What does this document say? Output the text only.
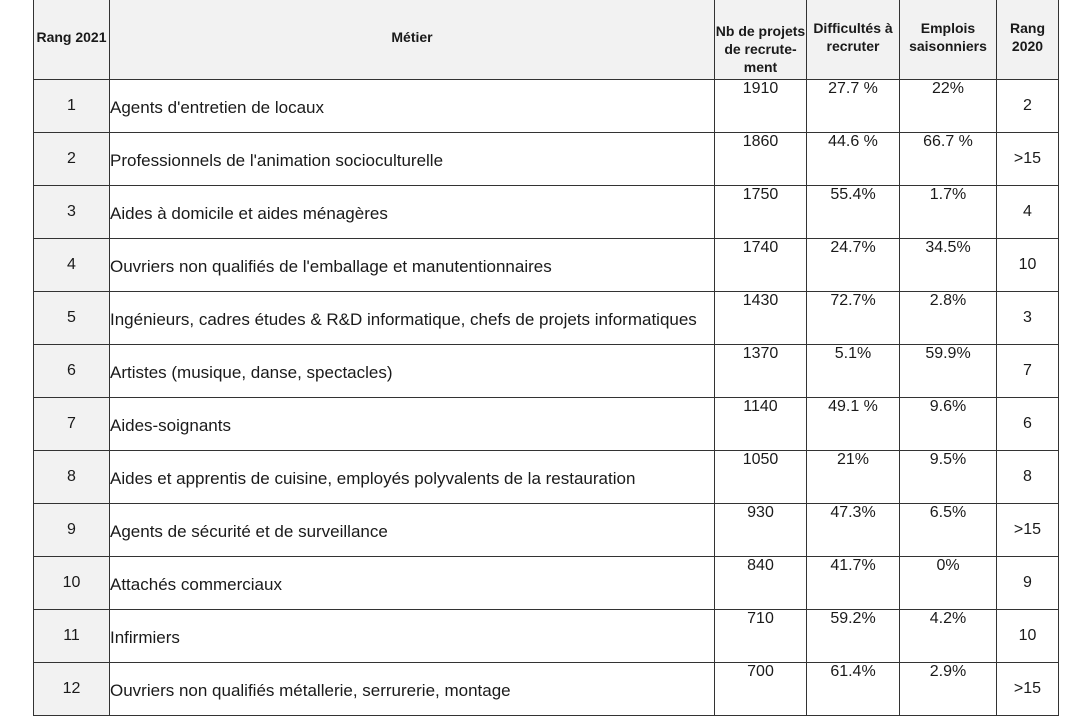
Rang 2021	Métier	Nb de projets de recrute-ment	Difficultés à recruter	Emplois saisonniers	Rang 2020
1	Agents d'entretien de locaux	1910	27.7 %	22%	2
2	Professionnels de l'animation socioculturelle	1860	44.6 %	66.7 %	>15
3	Aides à domicile et aides ménagères	1750	55.4%	1.7%	4
4	Ouvriers non qualifiés de l'emballage et manutentionnaires	1740	24.7%	34.5%	10
5	Ingénieurs, cadres études & R&D informatique, chefs de projets informatiques	1430	72.7%	2.8%	3
6	Artistes (musique, danse, spectacles)	1370	5.1%	59.9%	7
7	Aides-soignants	1140	49.1 %	9.6%	6
8	Aides et apprentis de cuisine, employés polyvalents de la restauration	1050	21%	9.5%	8
9	Agents de sécurité et de surveillance	930	47.3%	6.5%	>15
10	Attachés commerciaux	840	41.7%	0%	9
11	Infirmiers	710	59.2%	4.2%	10
12	Ouvriers non qualifiés métallerie, serrurerie, montage	700	61.4%	2.9%	>15
